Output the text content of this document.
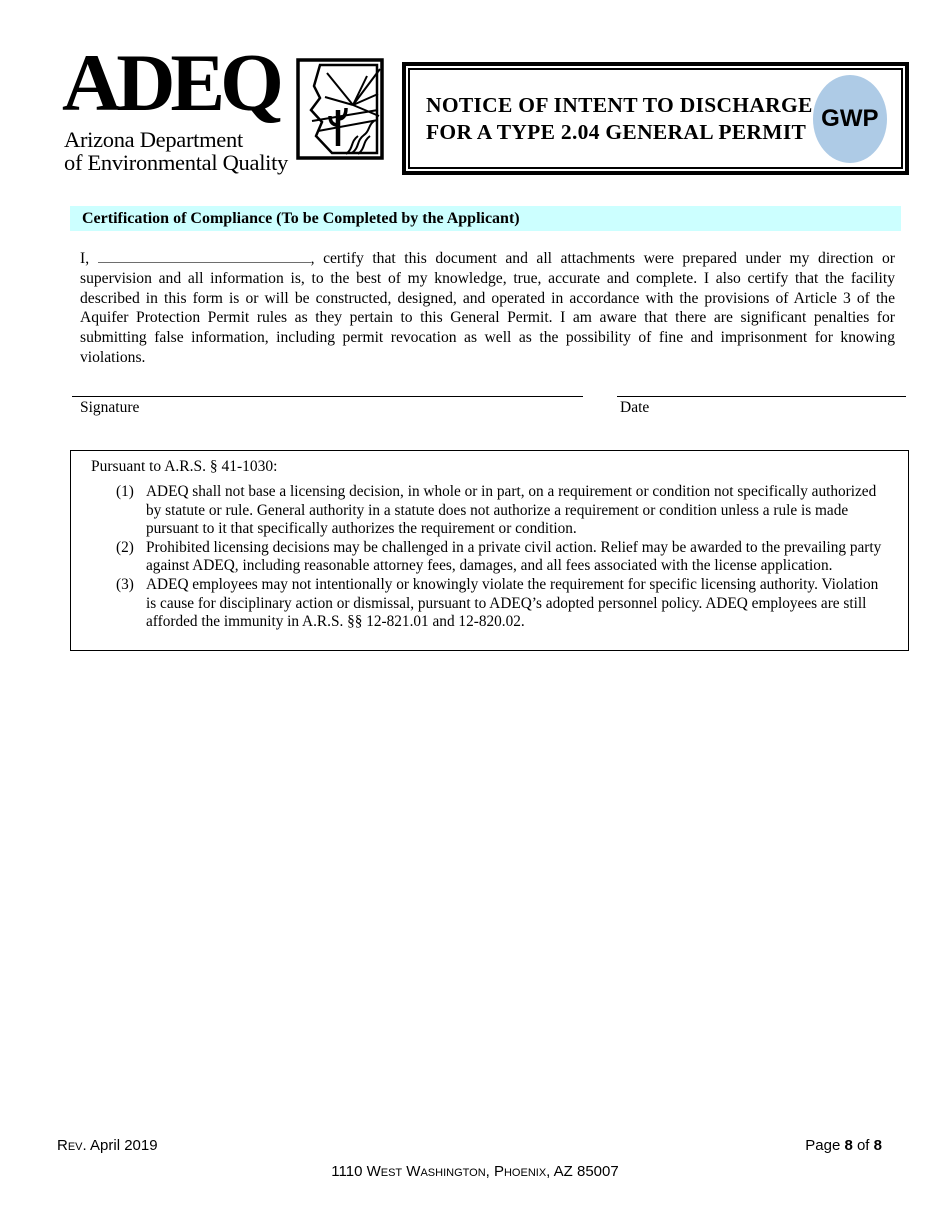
ADEQ
Arizona Department
of Environmental Quality
NOTICE OF INTENT TO DISCHARGE
FOR A TYPE 2.04 GENERAL PERMIT GWP
Certification of Compliance (To be Completed by the Applicant)
I,	, certify that this document and all attachments were prepared under my direction or supervision and all information is, to the best of my knowledge, true, accurate and complete. I also certify that the facility described in this form is or will be constructed, designed, and operated in accordance with the provisions of Article 3 of the Aquifer Protection Permit rules as they pertain to this General Permit. I am aware that there are significant penalties for submitting false information, including permit revocation as well as the possibility of fine and imprisonment for knowing violations.
Signature	Date
Pursuant to A.R.S. § 41-1030:
(1) ADEQ shall not base a licensing decision, in whole or in part, on a requirement or condition not specifically authorized by statute or rule. General authority in a statute does not authorize a requirement or condition unless a rule is made pursuant to it that specifically authorizes the requirement or condition.
(2) Prohibited licensing decisions may be challenged in a private civil action. Relief may be awarded to the prevailing party against ADEQ, including reasonable attorney fees, damages, and all fees associated with the license application.
(3) ADEQ employees may not intentionally or knowingly violate the requirement for specific licensing authority. Violation is cause for disciplinary action or dismissal, pursuant to ADEQ’s adopted personnel policy. ADEQ employees are still afforded the immunity in A.R.S. §§ 12-821.01 and 12-820.02.
Rev. April 2019	Page 8 of 8
1110 West Washington, Phoenix, AZ 85007
